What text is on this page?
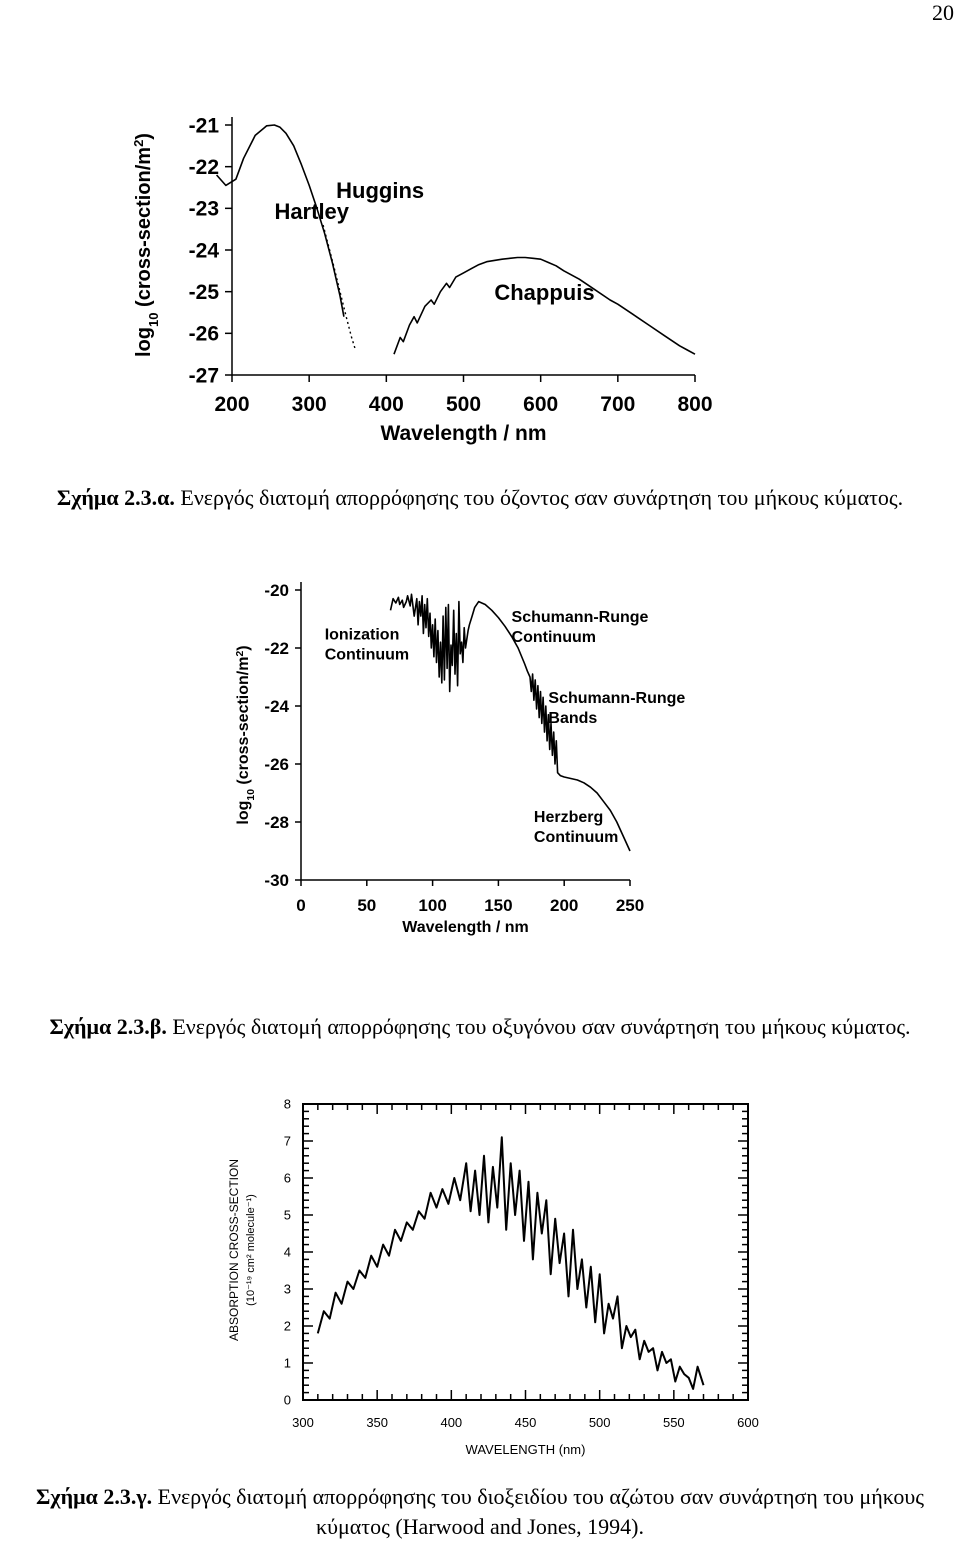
20
-21
-22
-23
-24
-25
-26
-27
200 300 400 500 600 700 800
Wavelength / nm
$\log_{10}$ $(cross-section/m^2)$
Hartley
Huggins
Chappuis
Σχήμα 2.3.α. Ενεργός διατομή απορρόφησης του όζοντος σαν συνάρτηση του μήκους κύματος.
-20
-22
-24
-26
-28
-30
0	50 100 150 200 250
Wavelength / nm
$\log_{10}$ $(cross-section/m^2)$
Ionization
Continuum
Schumann-Runge
Continuum
Schumann-Runge
Bands
Herzberg
Continuum
Σχήμα 2.3.β. Ενεργός διατομή απορρόφησης του οξυγόνου σαν συνάρτηση του μήκους κύματος.
0
1
2
3
4
5
6
7
8
300	350	400	450	500	550	600
WAVELENGTH (nm)
ABSORPTION CROSS-SECTION (10⁻¹⁹ cm² molecule⁻¹)
Σχήμα 2.3.γ. Ενεργός διατομή απορρόφησης του διοξειδίου του αζώτου σαν συνάρτηση του μήκους κύματος (Harwood and Jones, 1994).
